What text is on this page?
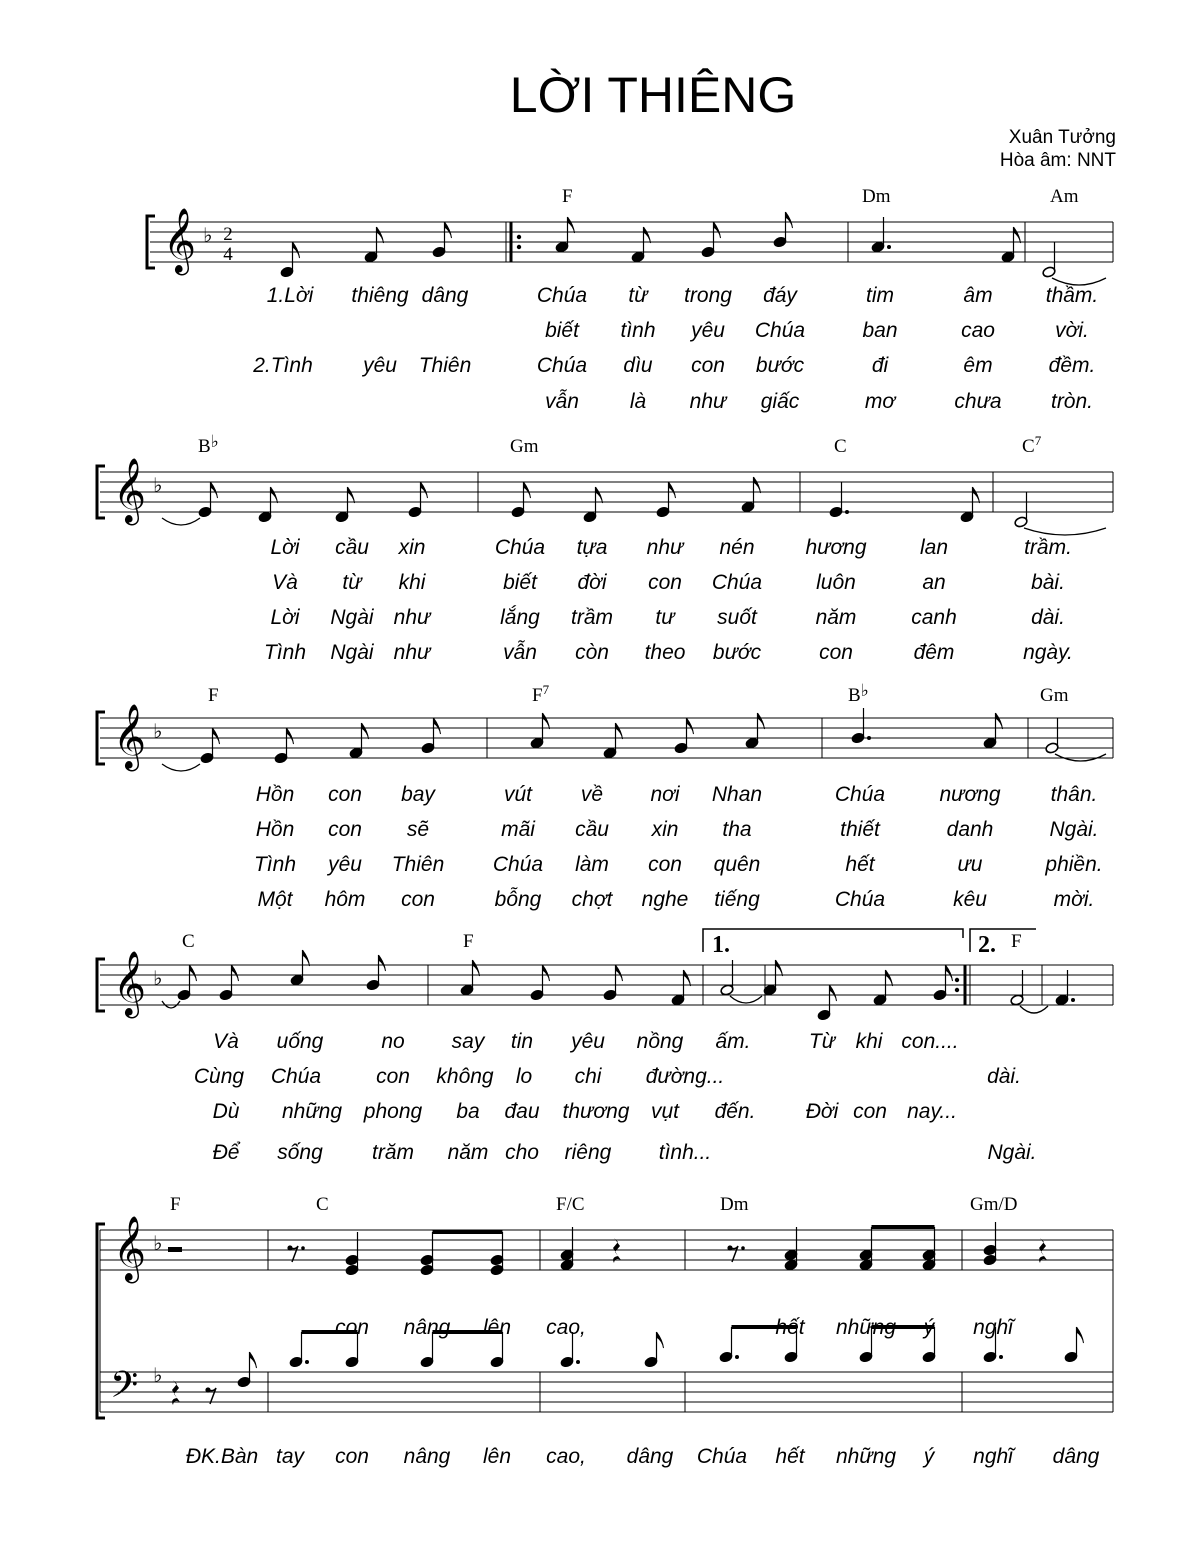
LỜI THIÊNG
Xuân Tưởng
Hòa âm: NNT
𝄞 ♭ 2
4
F	Dm	Am
1.Lời thiêng dâng	Chúa từ trong đáy	tim	âm	thầm.
biết tình yêu Chúa	ban	cao	vời.
2.Tình yêu Thiên	Chúa dìu con bước	đi	êm	đềm.
vẫn là như giấc	mơ	chưa tròn.
𝄞 ♭
B♭	Gm	C	$C^7$
Lời cầu xin	Chúa tựa như nén hương	lan	trầm.
Và từ khi	biết đời con Chúa	luôn	an	bài.
Lời Ngài như	lắng trầm tư suốt	năm	canh	dài.
Tình Ngài như	vẫn còn theo bước	con	đêm	ngày.
𝄞 ♭
F	$F^7$	B♭	Gm
Hồn con bay	vút về nơi Nhan	Chúa	nương thân.
Hồn con sẽ	mãi cầu xin tha	thiết	danh	Ngài.
Tình yêu Thiên Chúa làm con quên	hết	ưu	phiền.
Một hôm con	bỗng chợt nghe tiếng	Chúa	kêu	mời.
𝄞 ♭
1.	2.
C	F	F
Và uống	no say tin yêu nồng ấm.	Từ khi con....
Cùng Chúa	con không lo chi đường...	dài.
Dù những phong ba đau thương vụt đến. Đời con nay...
Để sống trăm năm cho riêng tình...	Ngài.
𝄞
𝄢
♭
♭
F	C	F/C	Dm	Gm/D
con nâng lên cao,	hết những ý nghĩ
ĐK.Bàn tay con nâng lên cao, dâng Chúa hết những ý nghĩ dâng
